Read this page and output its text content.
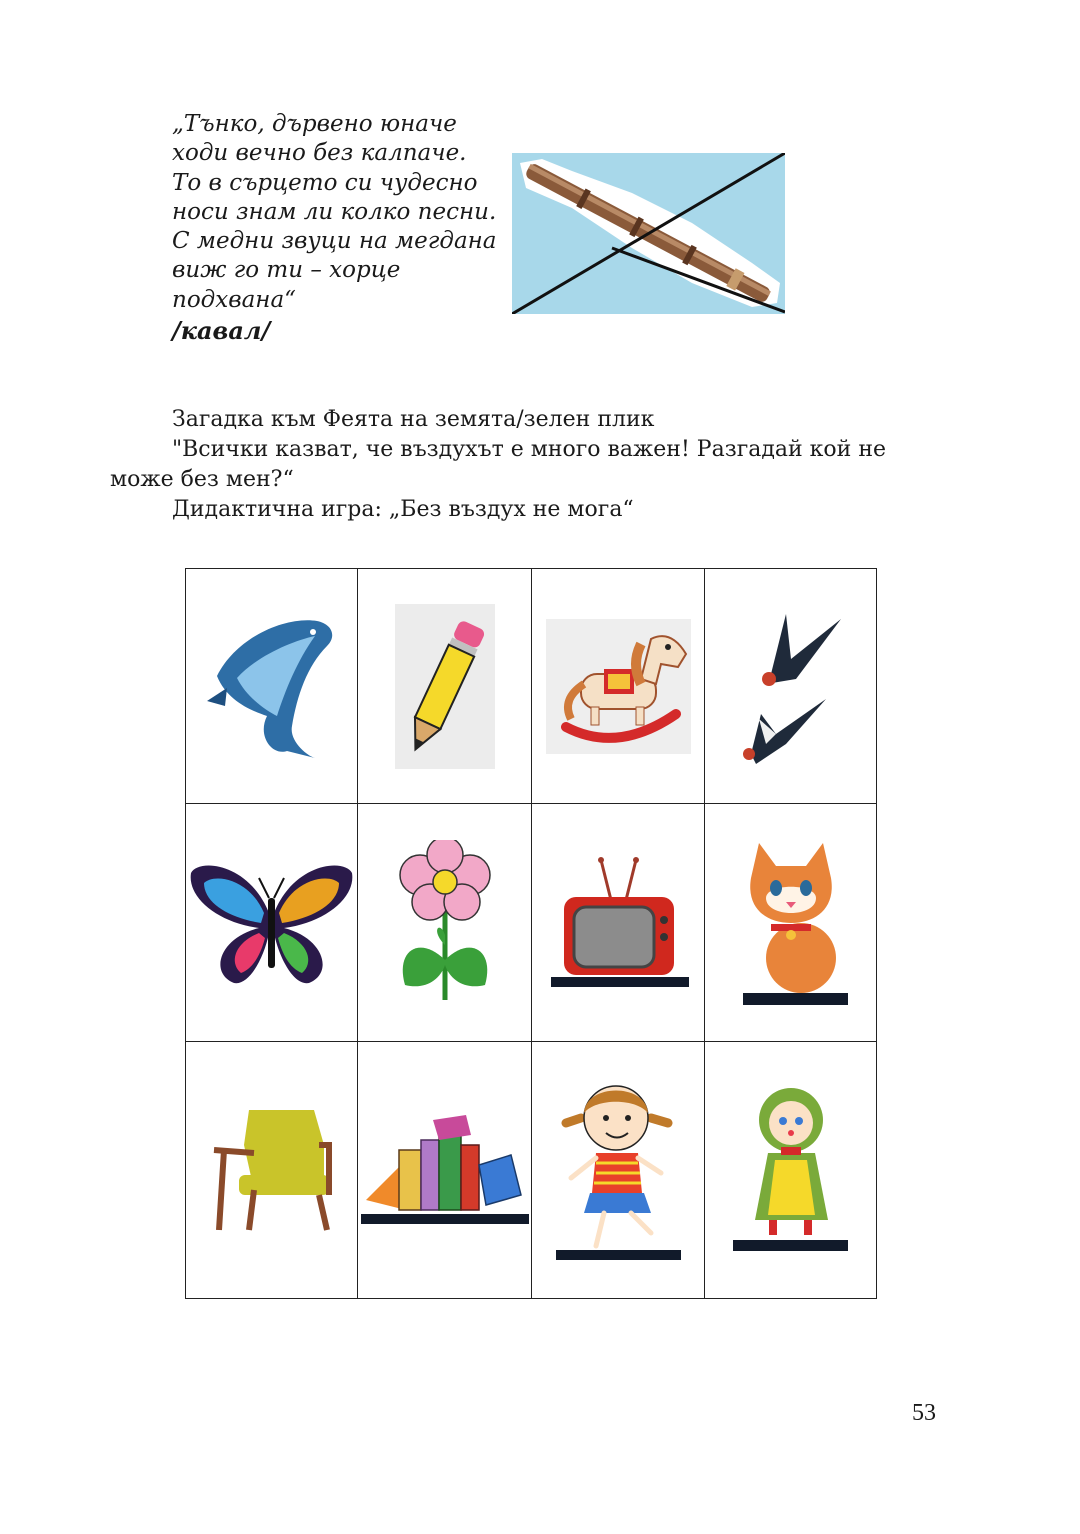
„Тънко, дървено юначе
ходи вечно без калпаче.
То в сърцето си чудесно
носи знам ли колко песни.
С медни звуци на мегдана
виж го ти – хорце
подхвана“
/кавал/
Загадка към Феята на земята/зелен плик
"Всички казват, че въздухът е много важен! Разгадай кой не
може без мен?“
Дидактична игра: „Без въздух не мога“

53
